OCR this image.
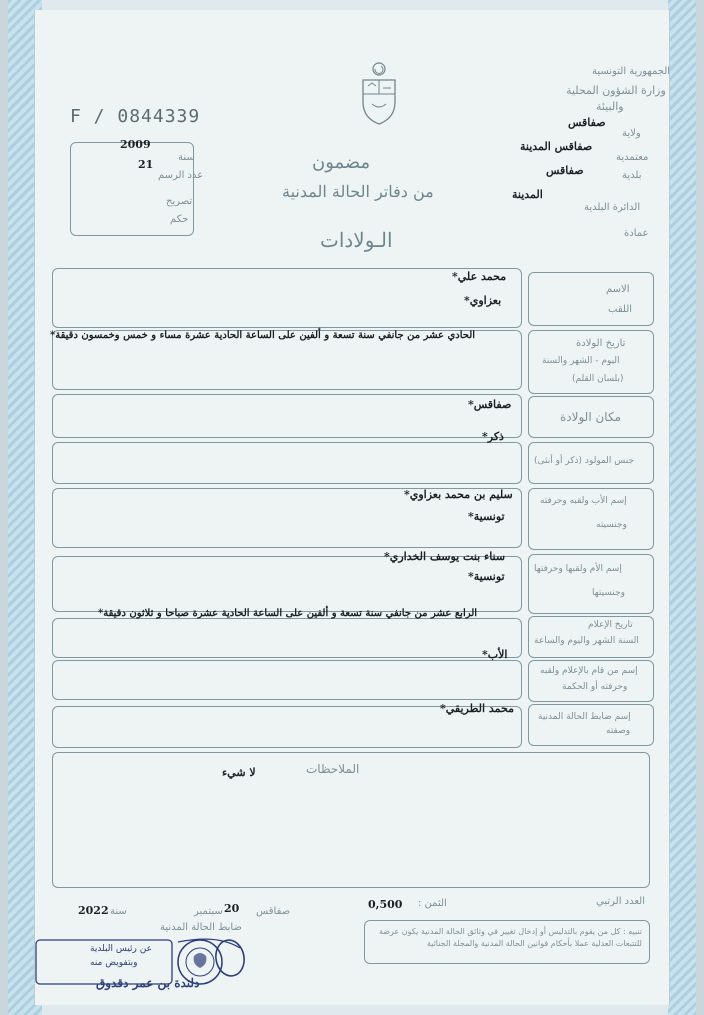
F / 0844339
الجمهورية التونسية
وزارة الشؤون المحلية
والبيئة
ولاية
صفاقس
معتمدية
صفاقس المدينة
بلدية
صفاقس
الدائرة البلدية
المدينة
عمادة
سنة
2009
عدد الرسم
21
تصريح
حكم
مضمون
من دفاتر الحالة المدنية
الـولادات
الاسم
اللقب
تاريخ الولادة
اليوم - الشهر والسنة
(بلسان القلم)
مكان الولادة
جنس المولود (ذكر أو أنثى)
إسم الأب ولقبه وحرفته
وجنسيته
إسم الأم ولقبها وحرفتها
وجنسيتها
تاريخ الإعلام
السنة الشهر واليوم والساعة
إسم من قام بالإعلام ولقبه
وحرفته أو الحكمة
إسم ضابط الحالة المدنية
وصفته
محمد علي*
بعزاوي*
الحادي عشر من جانفي سنة تسعة و ألفين على الساعة الحادية عشرة مساء و خمس وخمسون دقيقة*
صفاقس*
ذكر*
سليم بن محمد بعزاوي*
تونسية*
سناء بنت يوسف الخداري*
تونسية*
الرابع عشر من جانفي سنة تسعة و ألفين على الساعة الحادية عشرة صباحا و ثلاثون دقيقة*
الأب*
محمد الطريقي*
الملاحظات
لا شيء
العدد الرتبي
الثمن :
0,500
صفاقس
20
سبتمبر
سنة
2022
ضابط الحالة المدنية	تنبيه : كل من يقوم بالتدليس أو إدخال تغيير في وثائق الحالة المدنية يكون عرضة للتتبعات العدلية عملا بأحكام قوانين الحالة المدنية والمجلة الجنائية
عن رئيس البلدية
وبتفويض منه
دلندة بن عمر دقدوق
